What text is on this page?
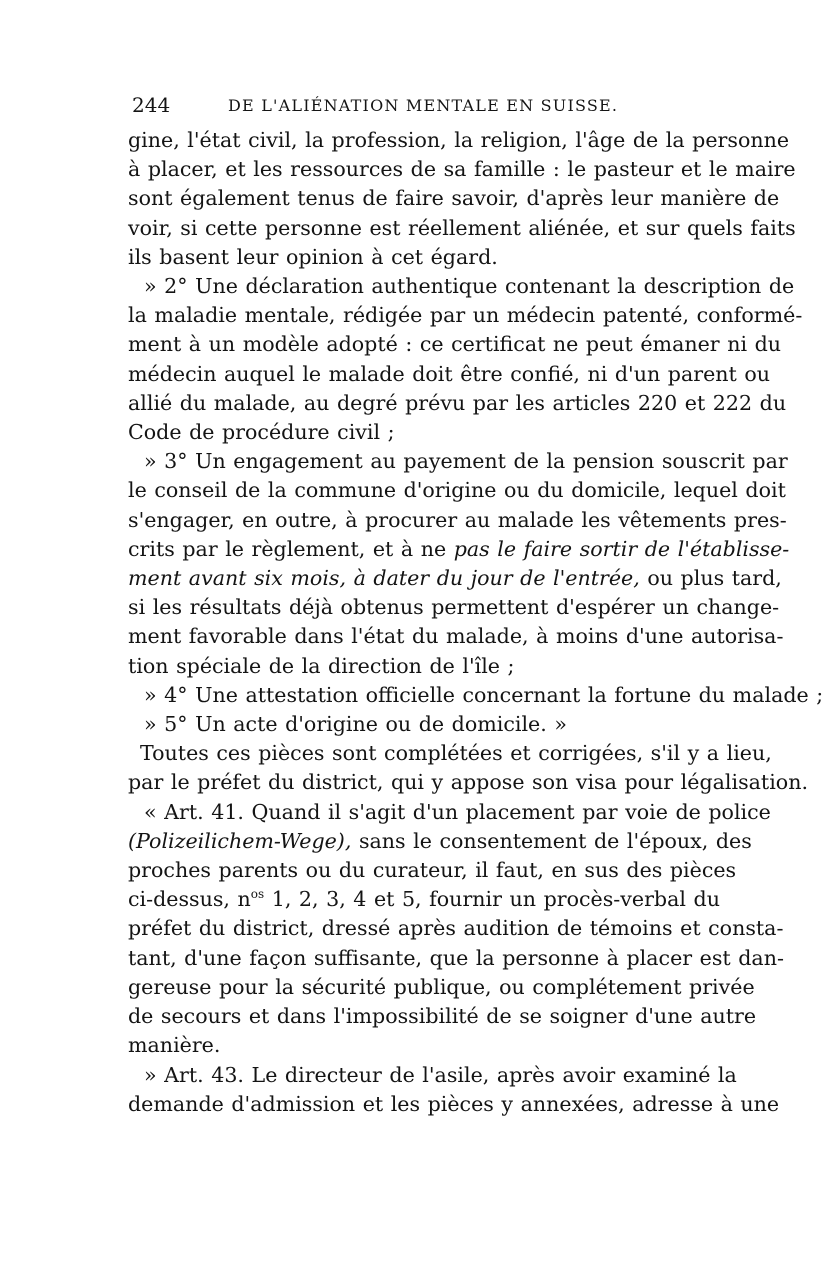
244	DE L'ALIÉNATION MENTALE EN SUISSE.
gine, l'état civil, la profession, la religion, l'âge de la personne
à placer, et les ressources de sa famille : le pasteur et le maire
sont également tenus de faire savoir, d'après leur manière de
voir, si cette personne est réellement aliénée, et sur quels faits
ils basent leur opinion à cet égard.
» 2° Une déclaration authentique contenant la description de
la maladie mentale, rédigée par un médecin patenté, conformé-
ment à un modèle adopté : ce certificat ne peut émaner ni du
médecin auquel le malade doit être confié, ni d'un parent ou
allié du malade, au degré prévu par les articles 220 et 222 du
Code de procédure civil ;
» 3° Un engagement au payement de la pension souscrit par
le conseil de la commune d'origine ou du domicile, lequel doit
s'engager, en outre, à procurer au malade les vêtements pres-
crits par le règlement, et à ne pas le faire sortir de l'établisse-
ment avant six mois, à dater du jour de l'entrée, ou plus tard,
si les résultats déjà obtenus permettent d'espérer un change-
ment favorable dans l'état du malade, à moins d'une autorisa-
tion spéciale de la direction de l'île ;
» 4° Une attestation officielle concernant la fortune du malade ;
» 5° Un acte d'origine ou de domicile. »
Toutes ces pièces sont complétées et corrigées, s'il y a lieu,
par le préfet du district, qui y appose son visa pour légalisation.
« Art. 41. Quand il s'agit d'un placement par voie de police
(Polizeilichem-Wege), sans le consentement de l'époux, des
proches parents ou du curateur, il faut, en sus des pièces
ci-dessus, $n^{os}$ 1, 2, 3, 4 et 5, fournir un procès-verbal du
préfet du district, dressé après audition de témoins et consta-
tant, d'une façon suffisante, que la personne à placer est dan-
gereuse pour la sécurité publique, ou complétement privée
de secours et dans l'impossibilité de se soigner d'une autre
manière.
» Art. 43. Le directeur de l'asile, après avoir examiné la
demande d'admission et les pièces y annexées, adresse à une
